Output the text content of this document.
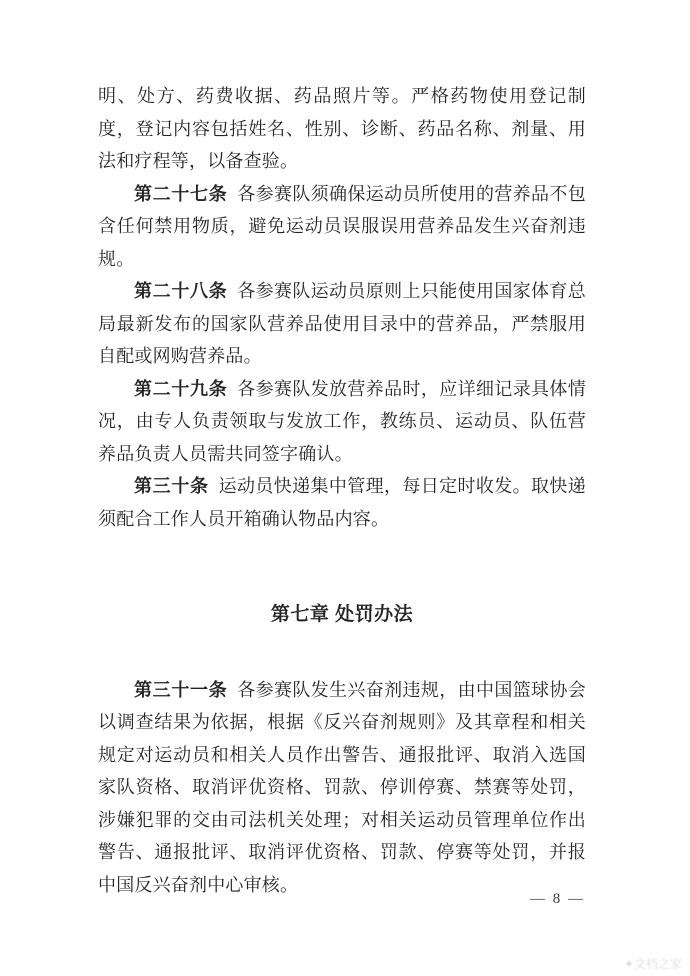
明、处方、药费收据、药品照片等。严格药物使用登记制度，登记内容包括姓名、性别、诊断、药品名称、剂量、用法和疗程等，以备查验。

第二十七条 各参赛队须确保运动员所使用的营养品不包含任何禁用物质，避免运动员误服误用营养品发生兴奋剂违规。

第二十八条 各参赛队运动员原则上只能使用国家体育总局最新发布的国家队营养品使用目录中的营养品，严禁服用自配或网购营养品。

第二十九条 各参赛队发放营养品时，应详细记录具体情况，由专人负责领取与发放工作，教练员、运动员、队伍营养品负责人员需共同签字确认。

第三十条 运动员快递集中管理，每日定时收发。取快递须配合工作人员开箱确认物品内容。

第七章 处罚办法

第三十一条 各参赛队发生兴奋剂违规，由中国篮球协会以调查结果为依据，根据《反兴奋剂规则》及其章程和相关规定对运动员和相关人员作出警告、通报批评、取消入选国家队资格、取消评优资格、罚款、停训停赛、禁赛等处罚，涉嫌犯罪的交由司法机关处理；对相关运动员管理单位作出警告、通报批评、取消评优资格、罚款、停赛等处罚，并报中国反兴奋剂中心审核。

— 8 —
✦文档之家
